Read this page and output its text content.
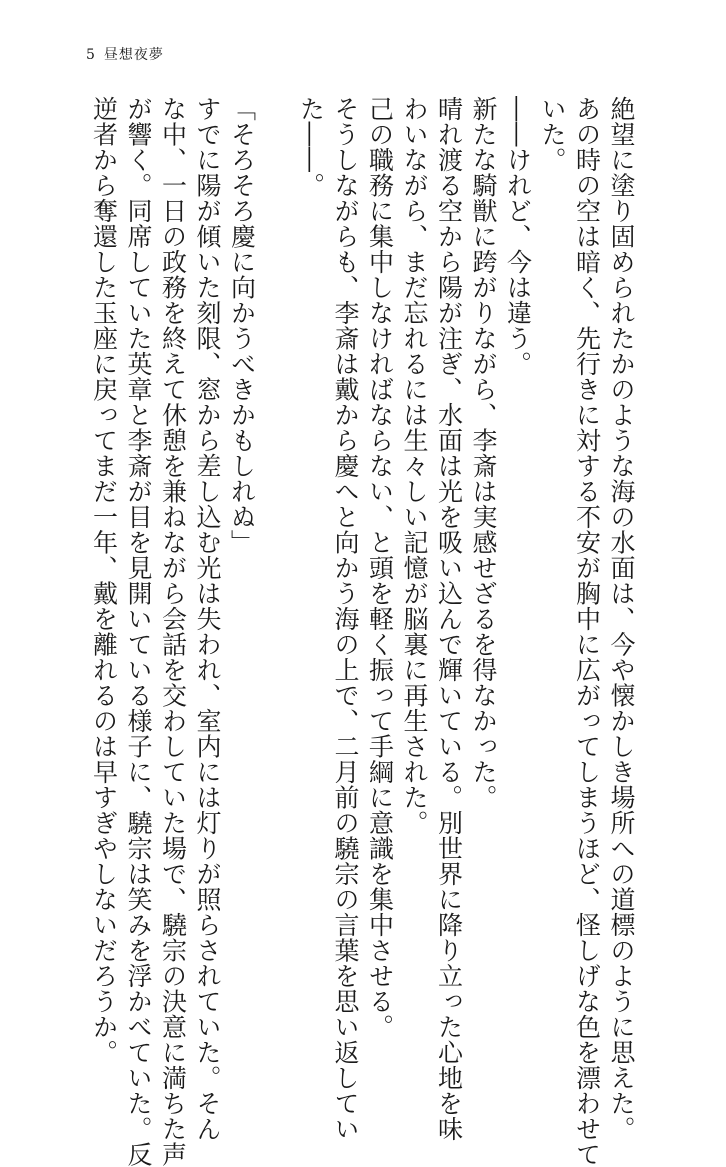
5 昼想夜夢

絶望に塗り固められたかのような海の水面は、今や懐かしき場所への道標のように思えた。

あの時の空は暗く、先行きに対する不安が胸中に広がってしまうほど、怪しげな色を漂わせて

いた。

――けれど、今は違う。

新たな騎獣に跨がりながら、李斎は実感せざるを得なかった。

晴れ渡る空から陽が注ぎ、水面は光を吸い込んで輝いている。別世界に降り立った心地を味

わいながら、まだ忘れるには生々しい記憶が脳裏に再生された。

己の職務に集中しなければならない、と頭を軽く振って手綱に意識を集中させる。

そうしながらも、李斎は戴から慶へと向かう海の上で、二月前の驍宗の言葉を思い返してい

た――。

「そろそろ慶に向かうべきかもしれぬ」

すでに陽が傾いた刻限、窓から差し込む光は失われ、室内には灯りが照らされていた。そん

な中、一日の政務を終えて休憩を兼ねながら会話を交わしていた場で、驍宗の決意に満ちた声

が響く。同席していた英章と李斎が目を見開いている様子に、驍宗は笑みを浮かべていた。反

逆者から奪還した玉座に戻ってまだ一年、戴を離れるのは早すぎやしないだろうか。
